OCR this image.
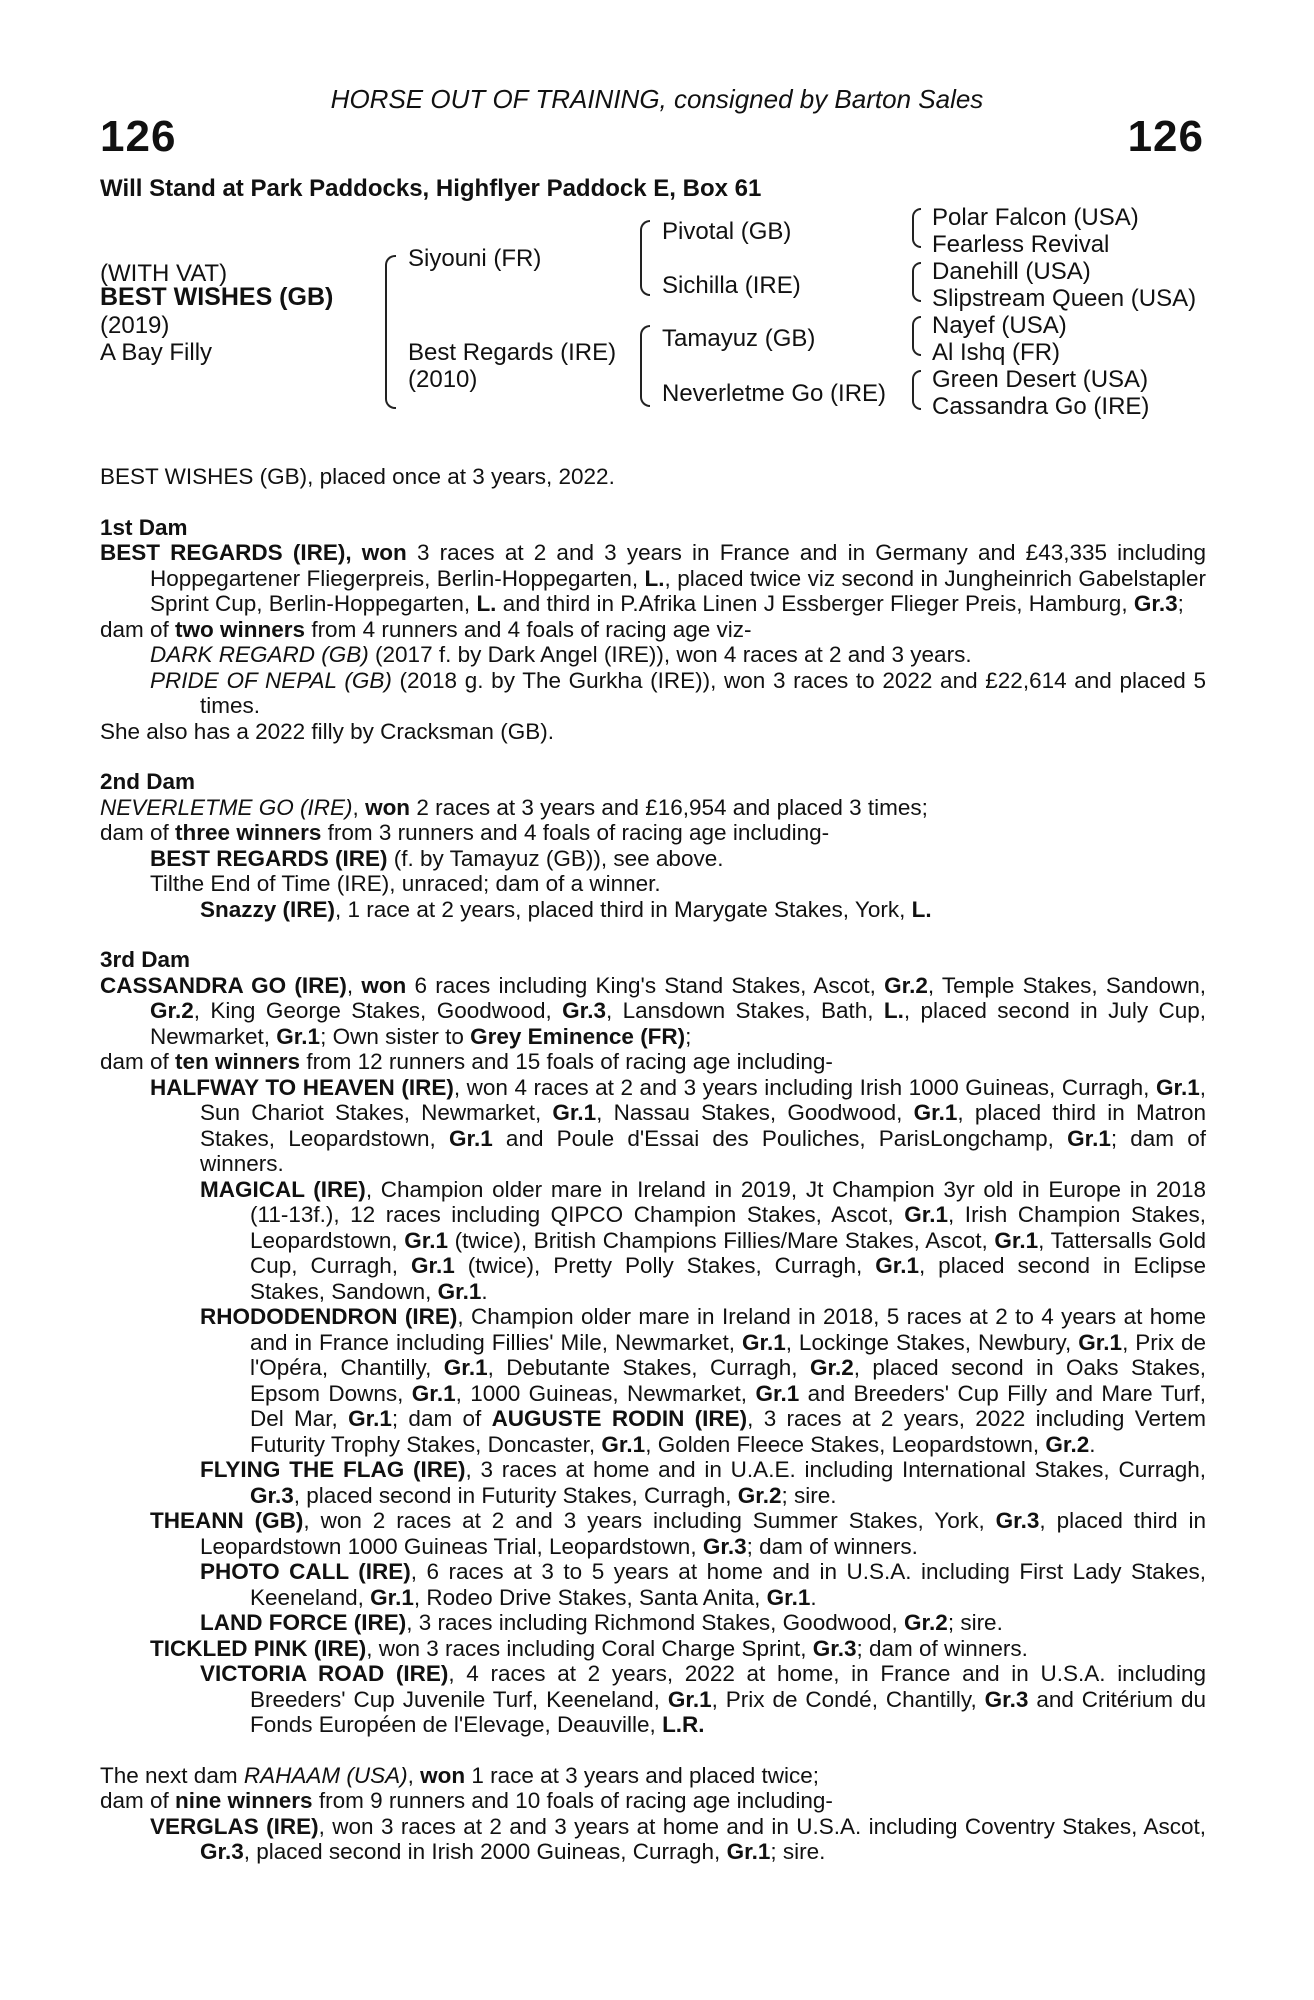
HORSE OUT OF TRAINING, consigned by Barton Sales
126	126
Will Stand at Park Paddocks, Highflyer Paddock E, Box 61
(WITH VAT)
BEST WISHES (GB)
(2019)
A Bay Filly
Siyouni (FR)
Best Regards (IRE)
(2010)
Pivotal (GB)
Sichilla (IRE)
Tamayuz (GB)
Neverletme Go (IRE)
Polar Falcon (USA)
Fearless Revival
Danehill (USA)
Slipstream Queen (USA)
Nayef (USA)
Al Ishq (FR)
Green Desert (USA)
Cassandra Go (IRE)

BEST WISHES (GB), placed once at 3 years, 2022.

1st Dam

BEST REGARDS (IRE), won 3 races at 2 and 3 years in France and in Germany and £43,335 including Hoppegartener Fliegerpreis, Berlin-Hoppegarten, L., placed twice viz second in Jungheinrich Gabelstapler Sprint Cup, Berlin-Hoppegarten, L. and third in P.Afrika Linen J Essberger Flieger Preis, Hamburg, Gr.3;

dam of two winners from 4 runners and 4 foals of racing age viz-

DARK REGARD (GB) (2017 f. by Dark Angel (IRE)), won 4 races at 2 and 3 years.

PRIDE OF NEPAL (GB) (2018 g. by The Gurkha (IRE)), won 3 races to 2022 and £22,614 and placed 5 times.

She also has a 2022 filly by Cracksman (GB).

2nd Dam

NEVERLETME GO (IRE), won 2 races at 3 years and £16,954 and placed 3 times;

dam of three winners from 3 runners and 4 foals of racing age including-

BEST REGARDS (IRE) (f. by Tamayuz (GB)), see above.

Tilthe End of Time (IRE), unraced; dam of a winner.

Snazzy (IRE), 1 race at 2 years, placed third in Marygate Stakes, York, L.

3rd Dam

CASSANDRA GO (IRE), won 6 races including King's Stand Stakes, Ascot, Gr.2, Temple Stakes, Sandown, Gr.2, King George Stakes, Goodwood, Gr.3, Lansdown Stakes, Bath, L., placed second in July Cup, Newmarket, Gr.1; Own sister to Grey Eminence (FR);

dam of ten winners from 12 runners and 15 foals of racing age including-

HALFWAY TO HEAVEN (IRE), won 4 races at 2 and 3 years including Irish 1000 Guineas, Curragh, Gr.1, Sun Chariot Stakes, Newmarket, Gr.1, Nassau Stakes, Goodwood, Gr.1, placed third in Matron Stakes, Leopardstown, Gr.1 and Poule d'Essai des Pouliches, ParisLongchamp, Gr.1; dam of winners.

MAGICAL (IRE), Champion older mare in Ireland in 2019, Jt Champion 3yr old in Europe in 2018 (11-13f.), 12 races including QIPCO Champion Stakes, Ascot, Gr.1, Irish Champion Stakes, Leopardstown, Gr.1 (twice), British Champions Fillies/Mare Stakes, Ascot, Gr.1, Tattersalls Gold Cup, Curragh, Gr.1 (twice), Pretty Polly Stakes, Curragh, Gr.1, placed second in Eclipse Stakes, Sandown, Gr.1.

RHODODENDRON (IRE), Champion older mare in Ireland in 2018, 5 races at 2 to 4 years at home and in France including Fillies' Mile, Newmarket, Gr.1, Lockinge Stakes, Newbury, Gr.1, Prix de l'Opéra, Chantilly, Gr.1, Debutante Stakes, Curragh, Gr.2, placed second in Oaks Stakes, Epsom Downs, Gr.1, 1000 Guineas, Newmarket, Gr.1 and Breeders' Cup Filly and Mare Turf, Del Mar, Gr.1; dam of AUGUSTE RODIN (IRE), 3 races at 2 years, 2022 including Vertem Futurity Trophy Stakes, Doncaster, Gr.1, Golden Fleece Stakes, Leopardstown, Gr.2.

FLYING THE FLAG (IRE), 3 races at home and in U.A.E. including International Stakes, Curragh, Gr.3, placed second in Futurity Stakes, Curragh, Gr.2; sire.

THEANN (GB), won 2 races at 2 and 3 years including Summer Stakes, York, Gr.3, placed third in Leopardstown 1000 Guineas Trial, Leopardstown, Gr.3; dam of winners.

PHOTO CALL (IRE), 6 races at 3 to 5 years at home and in U.S.A. including First Lady Stakes, Keeneland, Gr.1, Rodeo Drive Stakes, Santa Anita, Gr.1.

LAND FORCE (IRE), 3 races including Richmond Stakes, Goodwood, Gr.2; sire.

TICKLED PINK (IRE), won 3 races including Coral Charge Sprint, Gr.3; dam of winners.

VICTORIA ROAD (IRE), 4 races at 2 years, 2022 at home, in France and in U.S.A. including Breeders' Cup Juvenile Turf, Keeneland, Gr.1, Prix de Condé, Chantilly, Gr.3 and Critérium du Fonds Européen de l'Elevage, Deauville, L.R.

The next dam RAHAAM (USA), won 1 race at 3 years and placed twice;

dam of nine winners from 9 runners and 10 foals of racing age including-

VERGLAS (IRE), won 3 races at 2 and 3 years at home and in U.S.A. including Coventry Stakes, Ascot, Gr.3, placed second in Irish 2000 Guineas, Curragh, Gr.1; sire.
